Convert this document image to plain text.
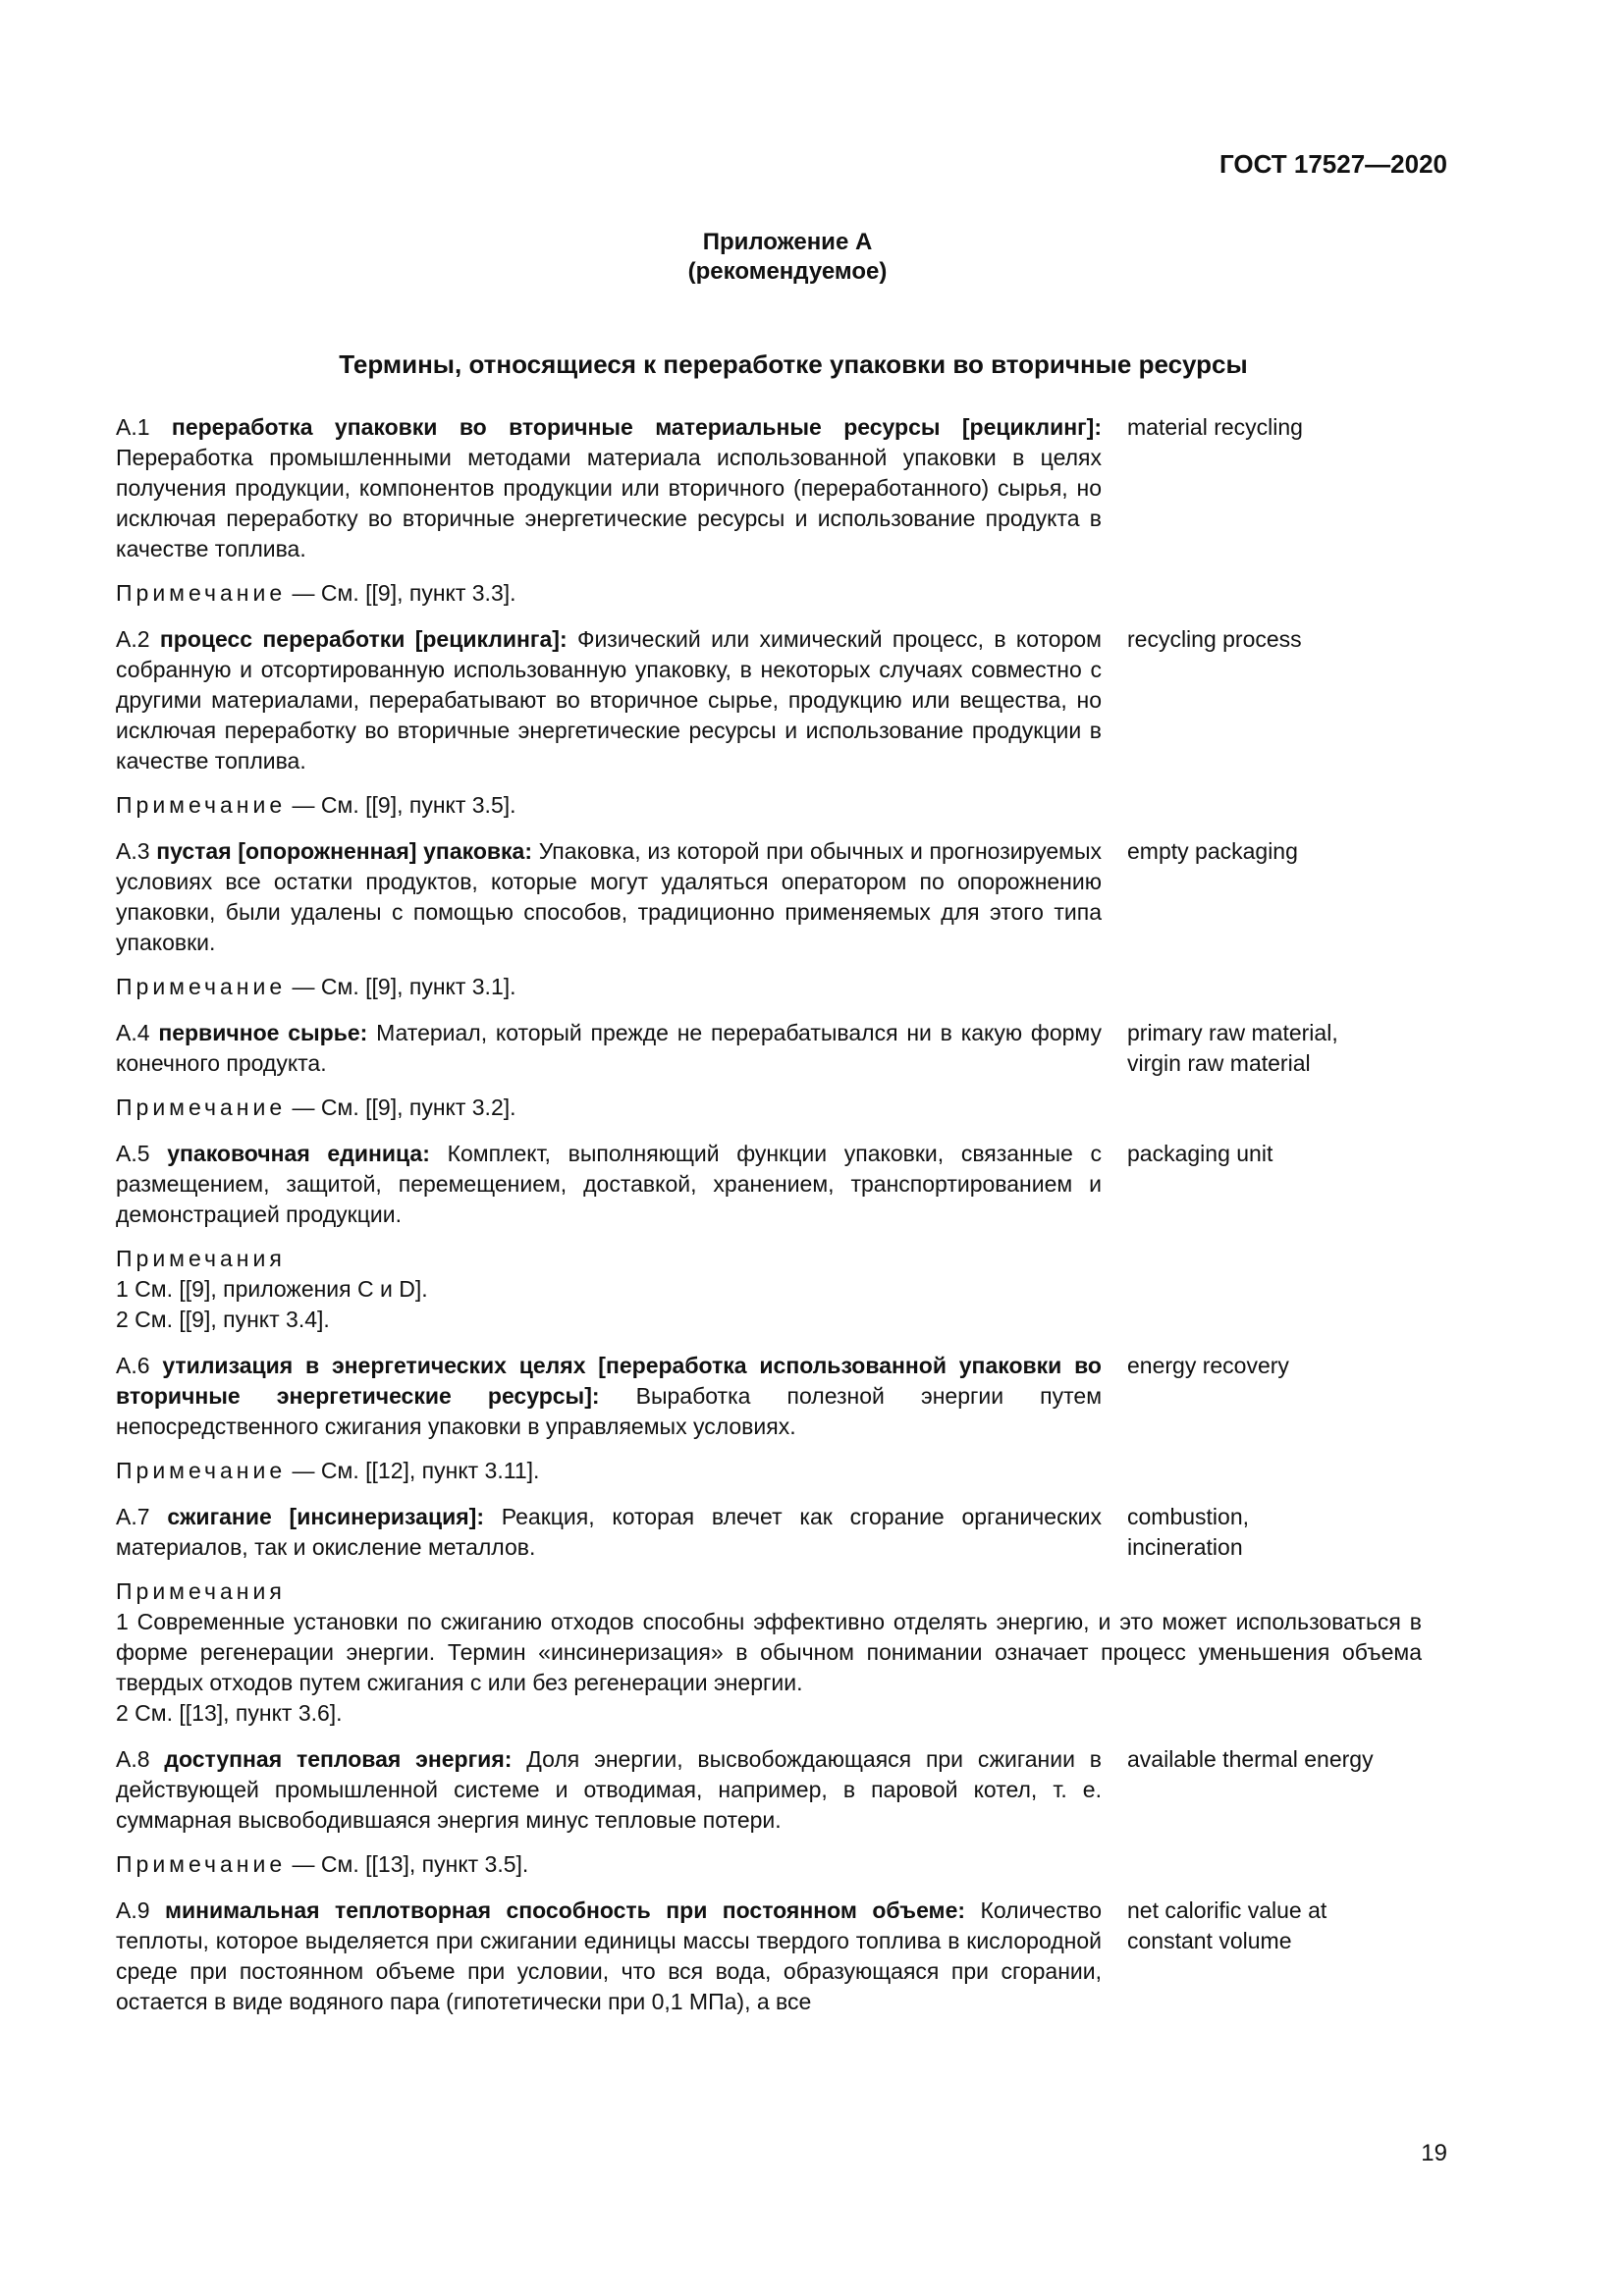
ГОСТ 17527—2020
Приложение А
(рекомендуемое)
Термины, относящиеся к переработке упаковки во вторичные ресурсы

А.1 переработка упаковки во вторичные материальные ресурсы [рециклинг]: Переработка промышленными методами материала использованной упаковки в целях получения продукции, компонентов продукции или вторичного (переработанного) сырья, но исключая переработку во вторичные энергетические ресурсы и использование продукта в качестве топлива.

material recycling
Примечание — См. [[9], пункт 3.3].

А.2 процесс переработки [рециклинга]: Физический или химический процесс, в котором собранную и отсортированную использованную упаковку, в некоторых случаях совместно с другими материалами, перерабатывают во вторичное сырье, продукцию или вещества, но исключая переработку во вторичные энергетические ресурсы и использование продукции в качестве топлива.

recycling process
Примечание — См. [[9], пункт 3.5].

А.3 пустая [опорожненная] упаковка: Упаковка, из которой при обычных и прогнозируемых условиях все остатки продуктов, которые могут удаляться оператором по опорожнению упаковки, были удалены с помощью способов, традиционно применяемых для этого типа упаковки.

empty packaging
Примечание — См. [[9], пункт 3.1].

А.4 первичное сырье: Материал, который прежде не перерабатывался ни в какую форму конечного продукта.

primary raw material,
virgin raw material
Примечание — См. [[9], пункт 3.2].

А.5 упаковочная единица: Комплект, выполняющий функции упаковки, связанные с размещением, защитой, перемещением, доставкой, хранением, транспортированием и демонстрацией продукции.

packaging unit
Примечания
1 См. [[9], приложения С и D].
2 См. [[9], пункт 3.4].

А.6 утилизация в энергетических целях [переработка использованной упаковки во вторичные энергетические ресурсы]: Выработка полезной энергии путем непосредственного сжигания упаковки в управляемых условиях.

energy recovery
Примечание — См. [[12], пункт 3.11].

А.7 сжигание [инсинеризация]: Реакция, которая влечет как сгорание органических материалов, так и окисление металлов.

combustion,
incineration
Примечания
1 Современные установки по сжиганию отходов способны эффективно отделять энергию, и это может использоваться в форме регенерации энергии. Термин «инсинеризация» в обычном понимании означает процесс уменьшения объема твердых отходов путем сжигания с или без регенерации энергии.
2 См. [[13], пункт 3.6].

А.8 доступная тепловая энергия: Доля энергии, высвобождающаяся при сжигании в действующей промышленной системе и отводимая, например, в паровой котел, т. е. суммарная высвободившаяся энергия минус тепловые потери.

available thermal energy
Примечание — См. [[13], пункт 3.5].

А.9 минимальная теплотворная способность при постоянном объеме: Количество теплоты, которое выделяется при сжигании единицы массы твердого топлива в кислородной среде при постоянном объеме при условии, что вся вода, образующаяся при сгорании, остается в виде водяного пара (гипотетически при 0,1 МПа), а все

net calorific value at
constant volume
19
